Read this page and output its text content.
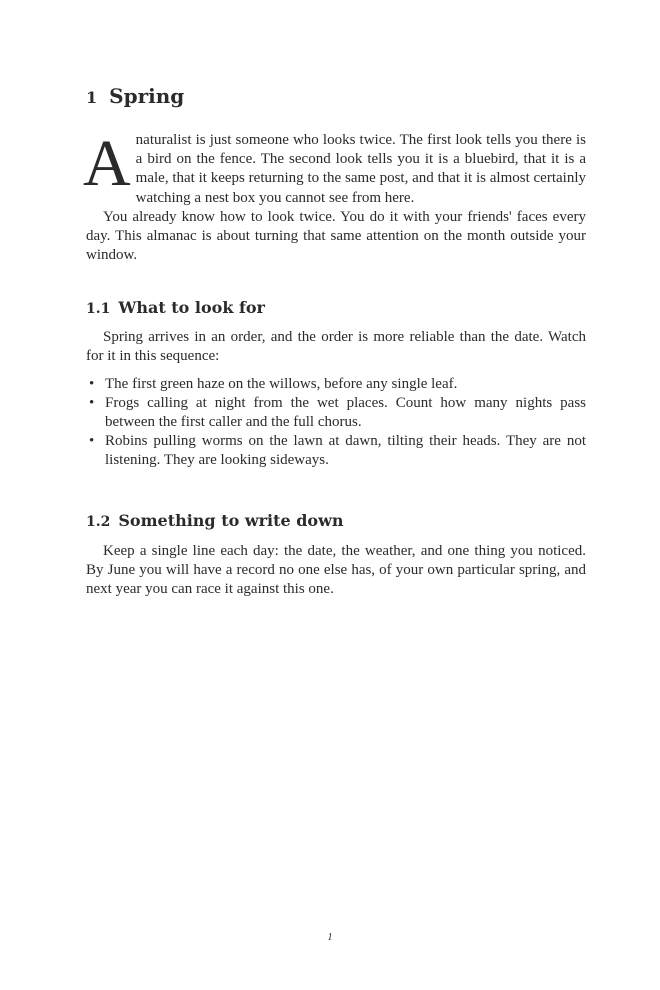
1 Spring

Anaturalist is just someone who looks twice. The first look tells you there is a bird on the fence. The second look tells you it is a bluebird, that it is a male, that it keeps returning to the same post, and that it is almost certainly watching a nest box you cannot see from here.

You already know how to look twice. You do it with your friends' faces every day. This almanac is about turning that same attention on the month outside your window.

1.1 What to look for

Spring arrives in an order, and the order is more reliable than the date. Watch for it in this sequence:

• The first green haze on the willows, before any single leaf.
• Frogs calling at night from the wet places. Count how many nights pass between the first caller and the full chorus.
• Robins pulling worms on the lawn at dawn, tilting their heads. They are not listening. They are looking sideways.
1.2 Something to write down

Keep a single line each day: the date, the weather, and one thing you noticed. By June you will have a record no one else has, of your own particular spring, and next year you can race it against this one.

1
